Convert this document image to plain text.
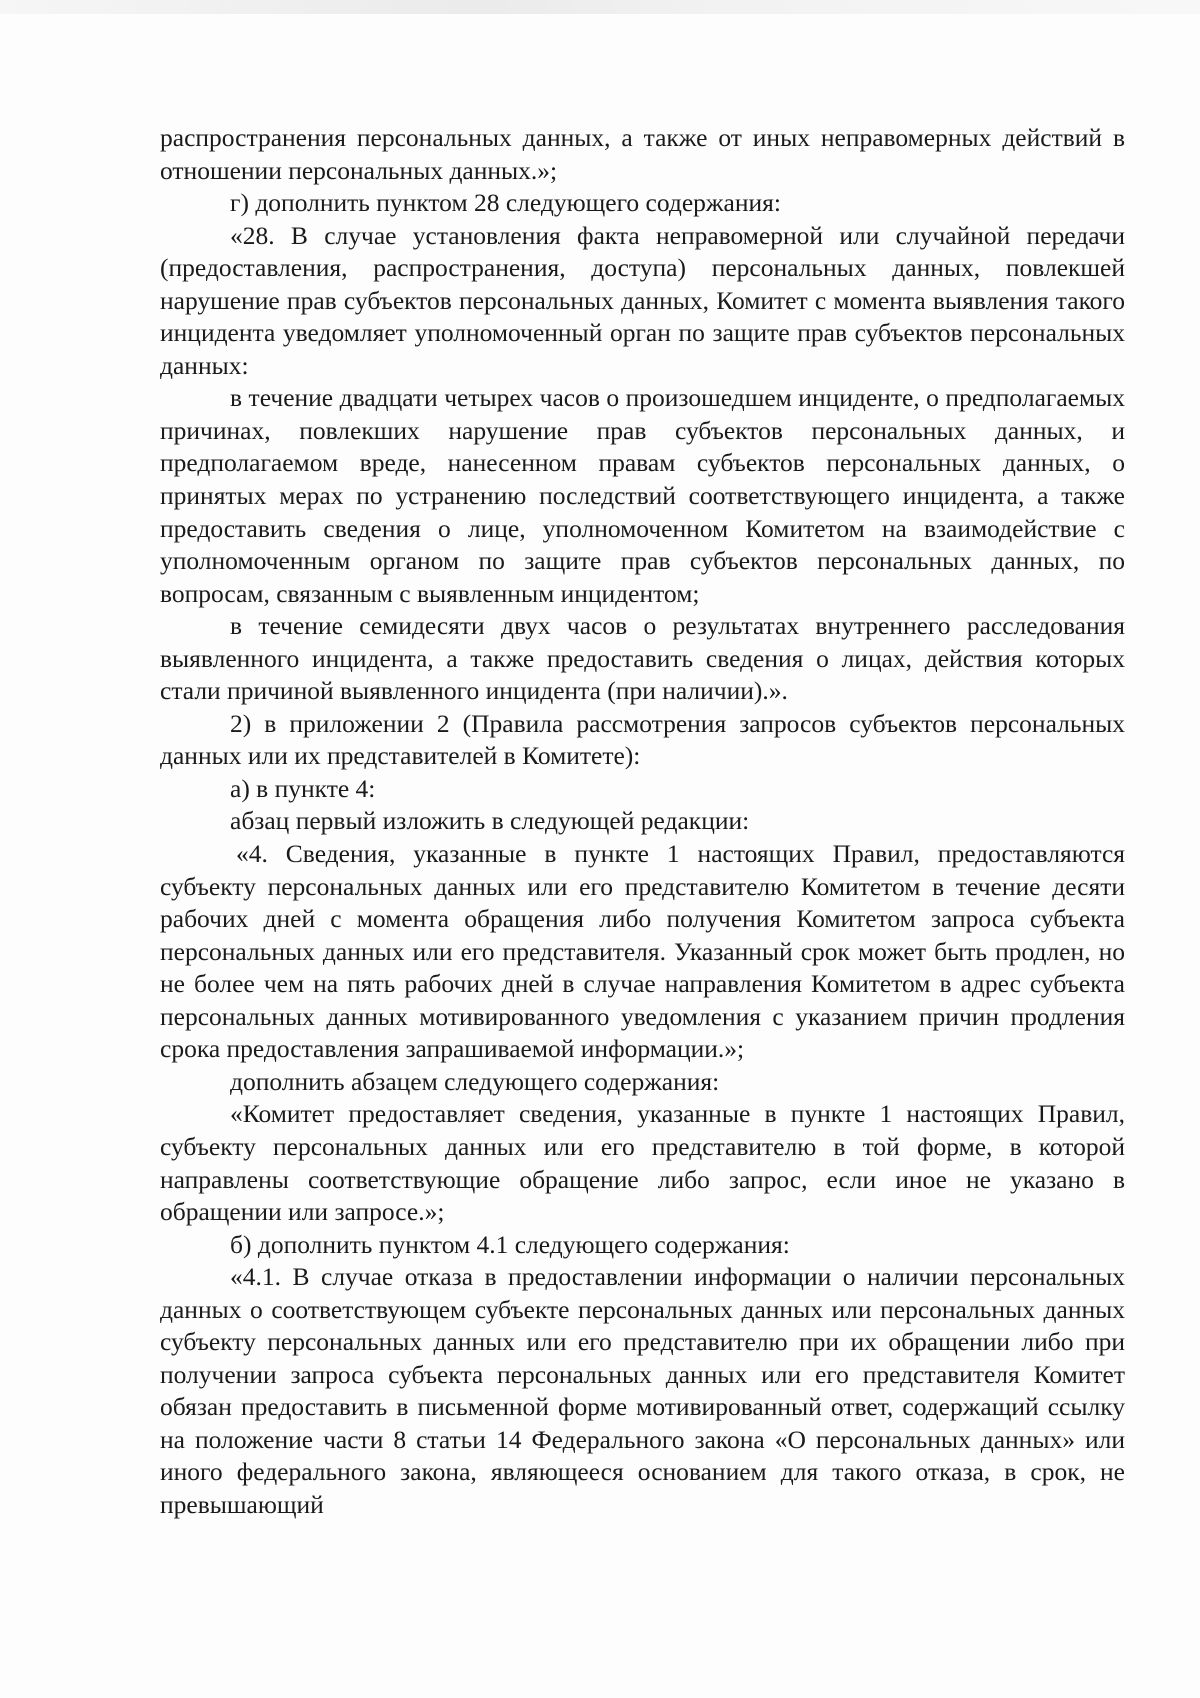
распространения персональных данных, а также от иных неправомерных действий в отношении персональных данных.»;

г) дополнить пунктом 28 следующего содержания:

«28. В случае установления факта неправомерной или случайной передачи (предоставления, распространения, доступа) персональных данных, повлекшей нарушение прав субъектов персональных данных, Комитет с момента выявления такого инцидента уведомляет уполномоченный орган по защите прав субъектов персональных данных:

в течение двадцати четырех часов о произошедшем инциденте, о предполагаемых причинах, повлекших нарушение прав субъектов персональных данных, и предполагаемом вреде, нанесенном правам субъектов персональных данных, о принятых мерах по устранению последствий соответствующего инцидента, а также предоставить сведения о лице, уполномоченном Комитетом на взаимодействие с уполномоченным органом по защите прав субъектов персональных данных, по вопросам, связанным с выявленным инцидентом;

в течение семидесяти двух часов о результатах внутреннего расследования выявленного инцидента, а также предоставить сведения о лицах, действия которых стали причиной выявленного инцидента (при наличии).».

2) в приложении 2 (Правила рассмотрения запросов субъектов персональных данных или их представителей в Комитете):

а) в пункте 4:

абзац первый изложить в следующей редакции:

«4. Сведения, указанные в пункте 1 настоящих Правил, предоставляются субъекту персональных данных или его представителю Комитетом в течение десяти рабочих дней с момента обращения либо получения Комитетом запроса субъекта персональных данных или его представителя. Указанный срок может быть продлен, но не более чем на пять рабочих дней в случае направления Комитетом в адрес субъекта персональных данных мотивированного уведомления с указанием причин продления срока предоставления запрашиваемой информации.»;

дополнить абзацем следующего содержания:

«Комитет предоставляет сведения, указанные в пункте 1 настоящих Правил, субъекту персональных данных или его представителю в той форме, в которой направлены соответствующие обращение либо запрос, если иное не указано в обращении или запросе.»;

б) дополнить пунктом 4.1 следующего содержания:

«4.1. В случае отказа в предоставлении информации о наличии персональных данных о соответствующем субъекте персональных данных или персональных данных субъекту персональных данных или его представителю при их обращении либо при получении запроса субъекта персональных данных или его представителя Комитет обязан предоставить в письменной форме мотивированный ответ, содержащий ссылку на положение части 8 статьи 14 Федерального закона «О персональных данных» или иного федерального закона, являющееся основанием для такого отказа, в срок, не превышающий
